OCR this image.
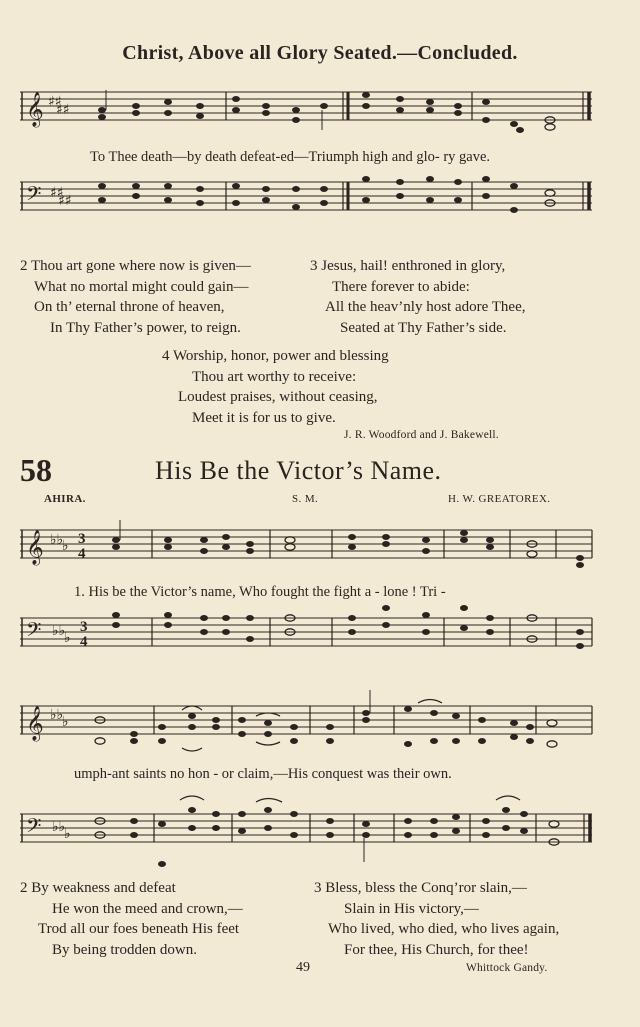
Christ, Above all Glory Seated.—Concluded.
𝄞 ♯♯
♯♯
To Thee death—by death defeat-ed—Triumph high and glo- ry gave.
𝄢 ♯♯
♯♯
2 Thou art gone where now is given—
What no mortal might could gain—
On th’ eternal throne of heaven,
In Thy Father’s power, to reign.
3 Jesus, hail! enthroned in glory,
There forever to abide:
All the heav’nly host adore Thee,
Seated at Thy Father’s side.
4 Worship, honor, power and blessing
Thou art worthy to receive:
Loudest praises, without ceasing,
Meet it is for us to give.
J. R. Woodford and J. Bakewell.
58	His Be the Victor’s Name.
AHIRA.	S. M.	H. W. GREATOREX.
𝄞 ♭♭
♭ 3
4
1. His be the Victor’s name, Who fought the fight a - lone ! Tri -
𝄢 ♭♭
♭
3
4
𝄞 ♭♭
♭
umph-ant saints no hon - or claim,—His conquest was their own.
𝄢 ♭♭
♭
2 By weakness and defeat
He won the meed and crown,—
Trod all our foes beneath His feet
By being trodden down.
3 Bless, bless the Conq’ror slain,—
Slain in His victory,—
Who lived, who died, who lives again,
For thee, His Church, for thee!
49	Whittock Gandy.
